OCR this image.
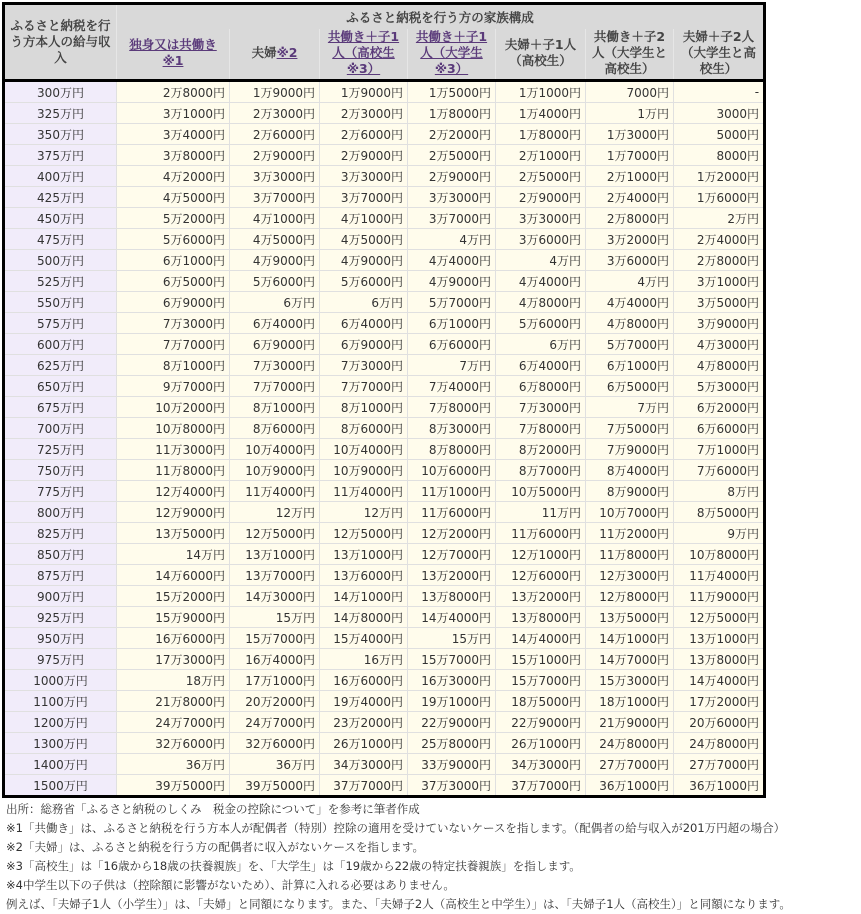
ふるさと納税を行う方本人の給与収入	ふるさと納税を行う方の家族構成						
	独身又は共働き※1	夫婦※2	共働き＋子1人（高校生※3）	共働き＋子1人（大学生※3）	夫婦＋子1人（高校生）	共働き＋子2人（大学生と高校生）	夫婦＋子2人（大学生と高校生）
300万円	2万8000円	1万9000円	1万9000円	1万5000円	1万1000円	7000円	-
325万円	3万1000円	2万3000円	2万3000円	1万8000円	1万4000円	1万円	3000円
350万円	3万4000円	2万6000円	2万6000円	2万2000円	1万8000円	1万3000円	5000円
375万円	3万8000円	2万9000円	2万9000円	2万5000円	2万1000円	1万7000円	8000円
400万円	4万2000円	3万3000円	3万3000円	2万9000円	2万5000円	2万1000円	1万2000円
425万円	4万5000円	3万7000円	3万7000円	3万3000円	2万9000円	2万4000円	1万6000円
450万円	5万2000円	4万1000円	4万1000円	3万7000円	3万3000円	2万8000円	2万円
475万円	5万6000円	4万5000円	4万5000円	4万円	3万6000円	3万2000円	2万4000円
500万円	6万1000円	4万9000円	4万9000円	4万4000円	4万円	3万6000円	2万8000円
525万円	6万5000円	5万6000円	5万6000円	4万9000円	4万4000円	4万円	3万1000円
550万円	6万9000円	6万円	6万円	5万7000円	4万8000円	4万4000円	3万5000円
575万円	7万3000円	6万4000円	6万4000円	6万1000円	5万6000円	4万8000円	3万9000円
600万円	7万7000円	6万9000円	6万9000円	6万6000円	6万円	5万7000円	4万3000円
625万円	8万1000円	7万3000円	7万3000円	7万円	6万4000円	6万1000円	4万8000円
650万円	9万7000円	7万7000円	7万7000円	7万4000円	6万8000円	6万5000円	5万3000円
675万円	10万2000円	8万1000円	8万1000円	7万8000円	7万3000円	7万円	6万2000円
700万円	10万8000円	8万6000円	8万6000円	8万3000円	7万8000円	7万5000円	6万6000円
725万円	11万3000円	10万4000円	10万4000円	8万8000円	8万2000円	7万9000円	7万1000円
750万円	11万8000円	10万9000円	10万9000円	10万6000円	8万7000円	8万4000円	7万6000円
775万円	12万4000円	11万4000円	11万4000円	11万1000円	10万5000円	8万9000円	8万円
800万円	12万9000円	12万円	12万円	11万6000円	11万円	10万7000円	8万5000円
825万円	13万5000円	12万5000円	12万5000円	12万2000円	11万6000円	11万2000円	9万円
850万円	14万円	13万1000円	13万1000円	12万7000円	12万1000円	11万8000円	10万8000円
875万円	14万6000円	13万7000円	13万6000円	13万2000円	12万6000円	12万3000円	11万4000円
900万円	15万2000円	14万3000円	14万1000円	13万8000円	13万2000円	12万8000円	11万9000円
925万円	15万9000円	15万円	14万8000円	14万4000円	13万8000円	13万5000円	12万5000円
950万円	16万6000円	15万7000円	15万4000円	15万円	14万4000円	14万1000円	13万1000円
975万円	17万3000円	16万4000円	16万円	15万7000円	15万1000円	14万7000円	13万8000円
1000万円	18万円	17万1000円	16万6000円	16万3000円	15万7000円	15万3000円	14万4000円
1100万円	21万8000円	20万2000円	19万4000円	19万1000円	18万5000円	18万1000円	17万2000円
1200万円	24万7000円	24万7000円	23万2000円	22万9000円	22万9000円	21万9000円	20万6000円
1300万円	32万6000円	32万6000円	26万1000円	25万8000円	26万1000円	24万8000円	24万8000円
1400万円	36万円	36万円	34万3000円	33万9000円	34万3000円	27万7000円	27万7000円
1500万円	39万5000円	39万5000円	37万7000円	37万3000円	37万7000円	36万1000円	36万1000円
出所：総務省「ふるさと納税のしくみ　税金の控除について」を参考に筆者作成
※1「共働き」は、ふるさと納税を行う方本人が配偶者（特別）控除の適用を受けていないケースを指します。（配偶者の給与収入が201万円超の場合）
※2「夫婦」は、ふるさと納税を行う方の配偶者に収入がないケースを指します。
※3「高校生」は「16歳から18歳の扶養親族」を、「大学生」は「19歳から22歳の特定扶養親族」を指します。
※4中学生以下の子供は（控除額に影響がないため）、計算に入れる必要はありません。
例えば、「夫婦子1人（小学生）」は、「夫婦」と同額になります。また、「夫婦子2人（高校生と中学生）」は、「夫婦子1人（高校生）」と同額になります。
